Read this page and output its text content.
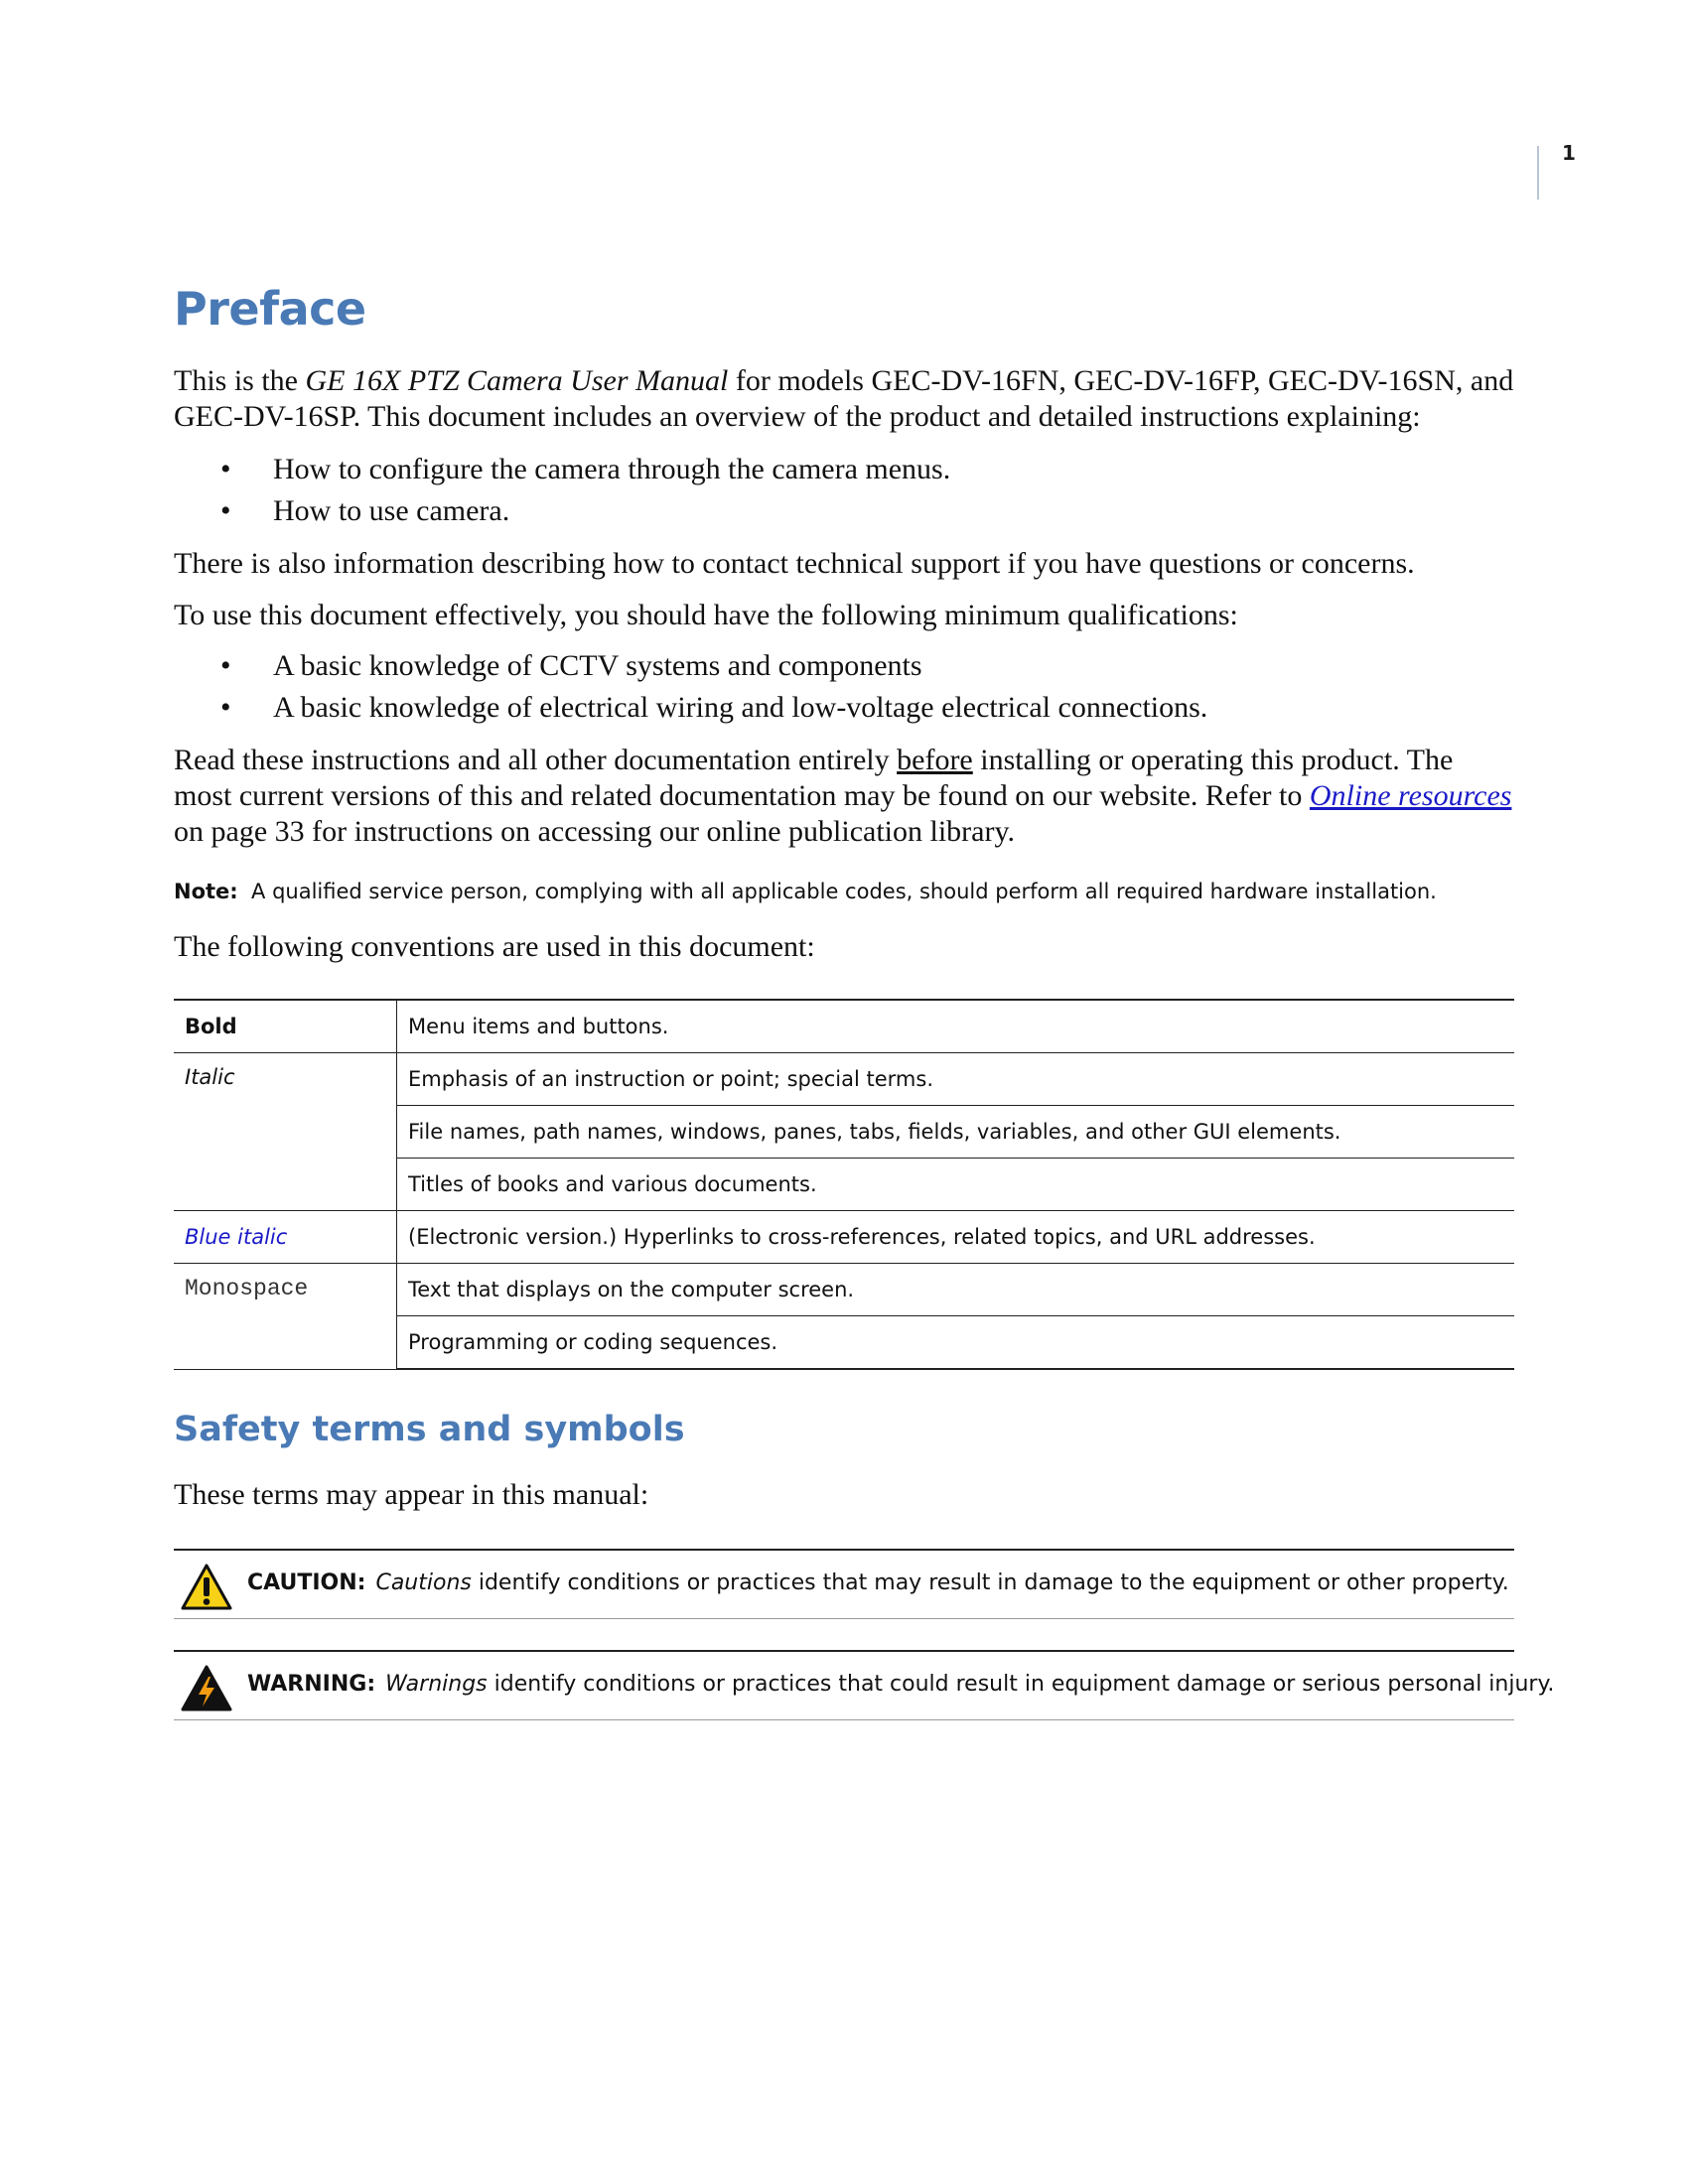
1
Preface

This is the GE 16X PTZ Camera User Manual for models GEC-DV-16FN, GEC-DV-16FP, GEC-DV-16SN, and GEC-DV-16SP. This document includes an overview of the product and detailed instructions explaining:

• How to configure the camera through the camera menus.
• How to use camera.

There is also information describing how to contact technical support if you have questions or concerns.

To use this document effectively, you should have the following minimum qualifications:

• A basic knowledge of CCTV systems and components
• A basic knowledge of electrical wiring and low-voltage electrical connections.

Read these instructions and all other documentation entirely before installing or operating this product. The most current versions of this and related documentation may be found on our website. Refer to Online resources on page 33 for instructions on accessing our online publication library.

Note: A qualified service person, complying with all applicable codes, should perform all required hardware installation.

The following conventions are used in this document:

Bold	Menu items and buttons.
Italic	Emphasis of an instruction or point; special terms.
	File names, path names, windows, panes, tabs, fields, variables, and other GUI elements.
	Titles of books and various documents.
Blue italic	(Electronic version.) Hyperlinks to cross-references, related topics, and URL addresses.
Monospace	Text that displays on the computer screen.
	Programming or coding sequences.
Safety terms and symbols

These terms may appear in this manual:

CAUTION: Cautions identify conditions or practices that may result in damage to the equipment or other property.
WARNING: Warnings identify conditions or practices that could result in equipment damage or serious personal injury.
